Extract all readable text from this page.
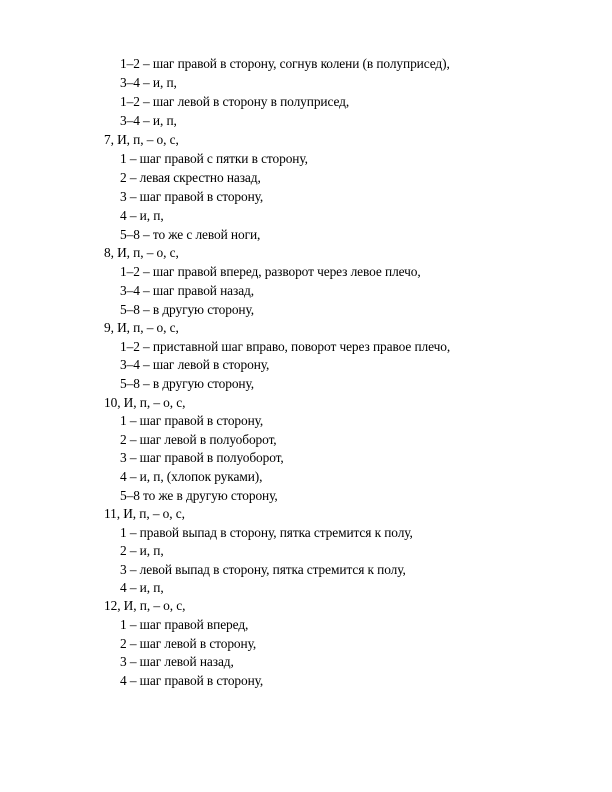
1–2 – шаг правой в сторону, согнув колени (в полуприсед),
3–4 – и, п,
1–2 – шаг левой в сторону в полуприсед,
3–4 – и, п,
7, И, п, – о, с,
1 – шаг правой с пятки в сторону,
2 – левая скрестно назад,
3 – шаг правой в сторону,
4 – и, п,
5–8 – то же с левой ноги,
8, И, п, – о, с,
1–2 – шаг правой вперед, разворот через левое плечо,
3–4 – шаг правой назад,
5–8 – в другую сторону,
9, И, п, – о, с,
1–2 – приставной шаг вправо, поворот через правое плечо,
3–4 – шаг левой в сторону,
5–8 – в другую сторону,
10, И, п, – о, с,
1 – шаг правой в сторону,
2 – шаг левой в полуоборот,
3 – шаг правой в полуоборот,
4 – и, п, (хлопок руками),
5–8 то же в другую сторону,
11, И, п, – о, с,
1 – правой выпад в сторону, пятка стремится к полу,
2 – и, п,
3 – левой выпад в сторону, пятка стремится к полу,
4 – и, п,
12, И, п, – о, с,
1 – шаг правой вперед,
2 – шаг левой в сторону,
3 – шаг левой назад,
4 – шаг правой в сторону,
